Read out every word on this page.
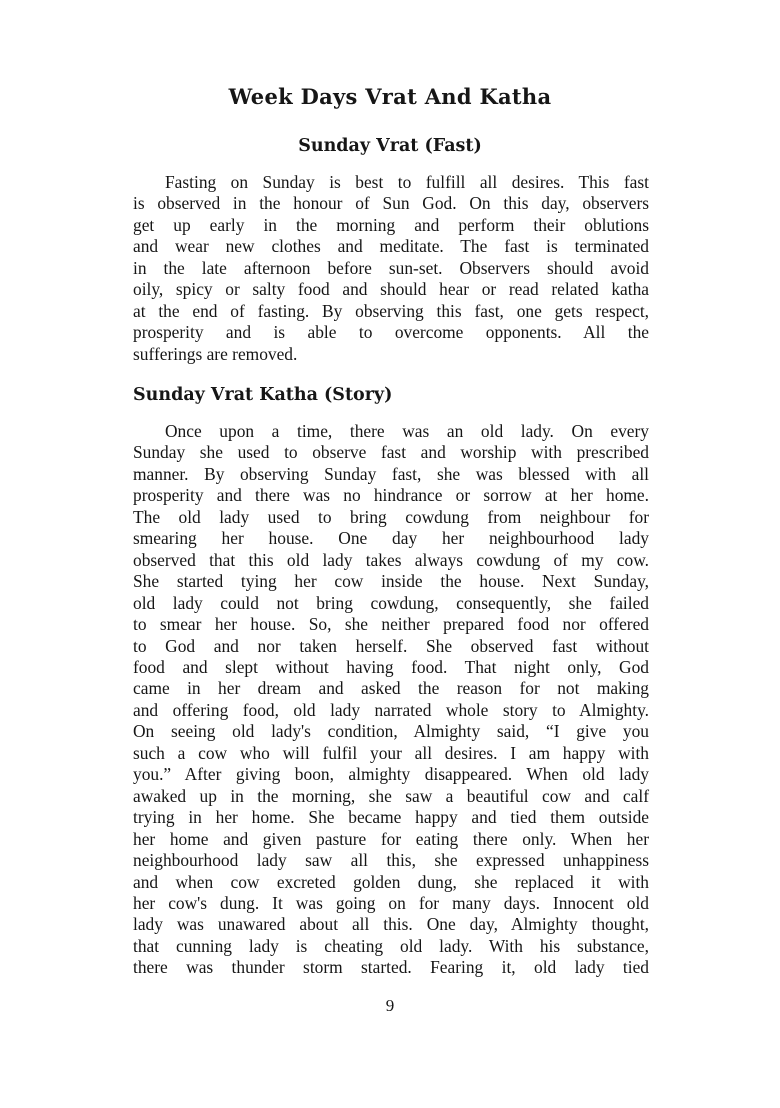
Week Days Vrat And Katha
Sunday Vrat (Fast)

Fasting on Sunday is best to fulfill all desires. This fast
is observed in the honour of Sun God. On this day, observers
get up early in the morning and perform their oblutions
and wear new clothes and meditate. The fast is terminated
in the late afternoon before sun-set. Observers should avoid
oily, spicy or salty food and should hear or read related katha
at the end of fasting. By observing this fast, one gets respect,
prosperity and is able to overcome opponents. All the
sufferings are removed.

Sunday Vrat Katha (Story)

Once upon a time, there was an old lady. On every
Sunday she used to observe fast and worship with prescribed
manner. By observing Sunday fast, she was blessed with all
prosperity and there was no hindrance or sorrow at her home.
The old lady used to bring cowdung from neighbour for
smearing her house. One day her neighbourhood lady
observed that this old lady takes always cowdung of my cow.
She started tying her cow inside the house. Next Sunday,
old lady could not bring cowdung, consequently, she failed
to smear her house. So, she neither prepared food nor offered
to God and nor taken herself. She observed fast without
food and slept without having food. That night only, God
came in her dream and asked the reason for not making
and offering food, old lady narrated whole story to Almighty.
On seeing old lady's condition, Almighty said, “I give you
such a cow who will fulfil your all desires. I am happy with
you.” After giving boon, almighty disappeared. When old lady
awaked up in the morning, she saw a beautiful cow and calf
trying in her home. She became happy and tied them outside
her home and given pasture for eating there only. When her
neighbourhood lady saw all this, she expressed unhappiness
and when cow excreted golden dung, she replaced it with
her cow's dung. It was going on for many days. Innocent old
lady was unawared about all this. One day, Almighty thought,
that cunning lady is cheating old lady. With his substance,
there was thunder storm started. Fearing it, old lady tied

9
